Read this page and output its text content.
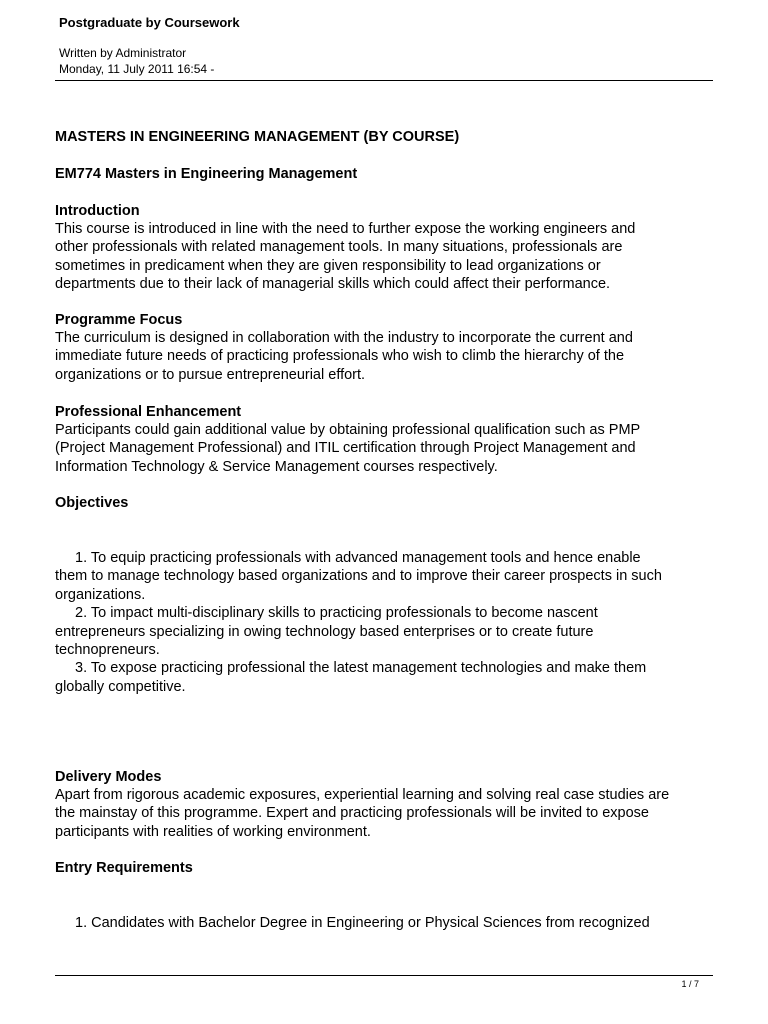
Postgraduate by Coursework
Written by Administrator
Monday, 11 July 2011 16:54 -
MASTERS IN ENGINEERING MANAGEMENT (BY COURSE)
EM774 Masters in Engineering Management
Introduction
This course is introduced in line with the need to further expose the working engineers and
other professionals with related management tools. In many situations, professionals are
sometimes in predicament when they are given responsibility to lead organizations or
departments due to their lack of managerial skills which could affect their performance.
Programme Focus
The curriculum is designed in collaboration with the industry to incorporate the current and
immediate future needs of practicing professionals who wish to climb the hierarchy of the
organizations or to pursue entrepreneurial effort.
Professional Enhancement
Participants could gain additional value by obtaining professional qualification such as PMP
(Project Management Professional) and ITIL certification through Project Management and
Information Technology & Service Management courses respectively.
Objectives
1. To equip practicing professionals with advanced management tools and hence enable
them to manage technology based organizations and to improve their career prospects in such
organizations.
2. To impact multi-disciplinary skills to practicing professionals to become nascent
entrepreneurs specializing in owing technology based enterprises or to create future
technopreneurs.
3. To expose practicing professional the latest management technologies and make them
globally competitive.
Delivery Modes
Apart from rigorous academic exposures, experiential learning and solving real case studies are
the mainstay of this programme. Expert and practicing professionals will be invited to expose
participants with realities of working environment.
Entry Requirements
1. Candidates with Bachelor Degree in Engineering or Physical Sciences from recognized
1 / 7
